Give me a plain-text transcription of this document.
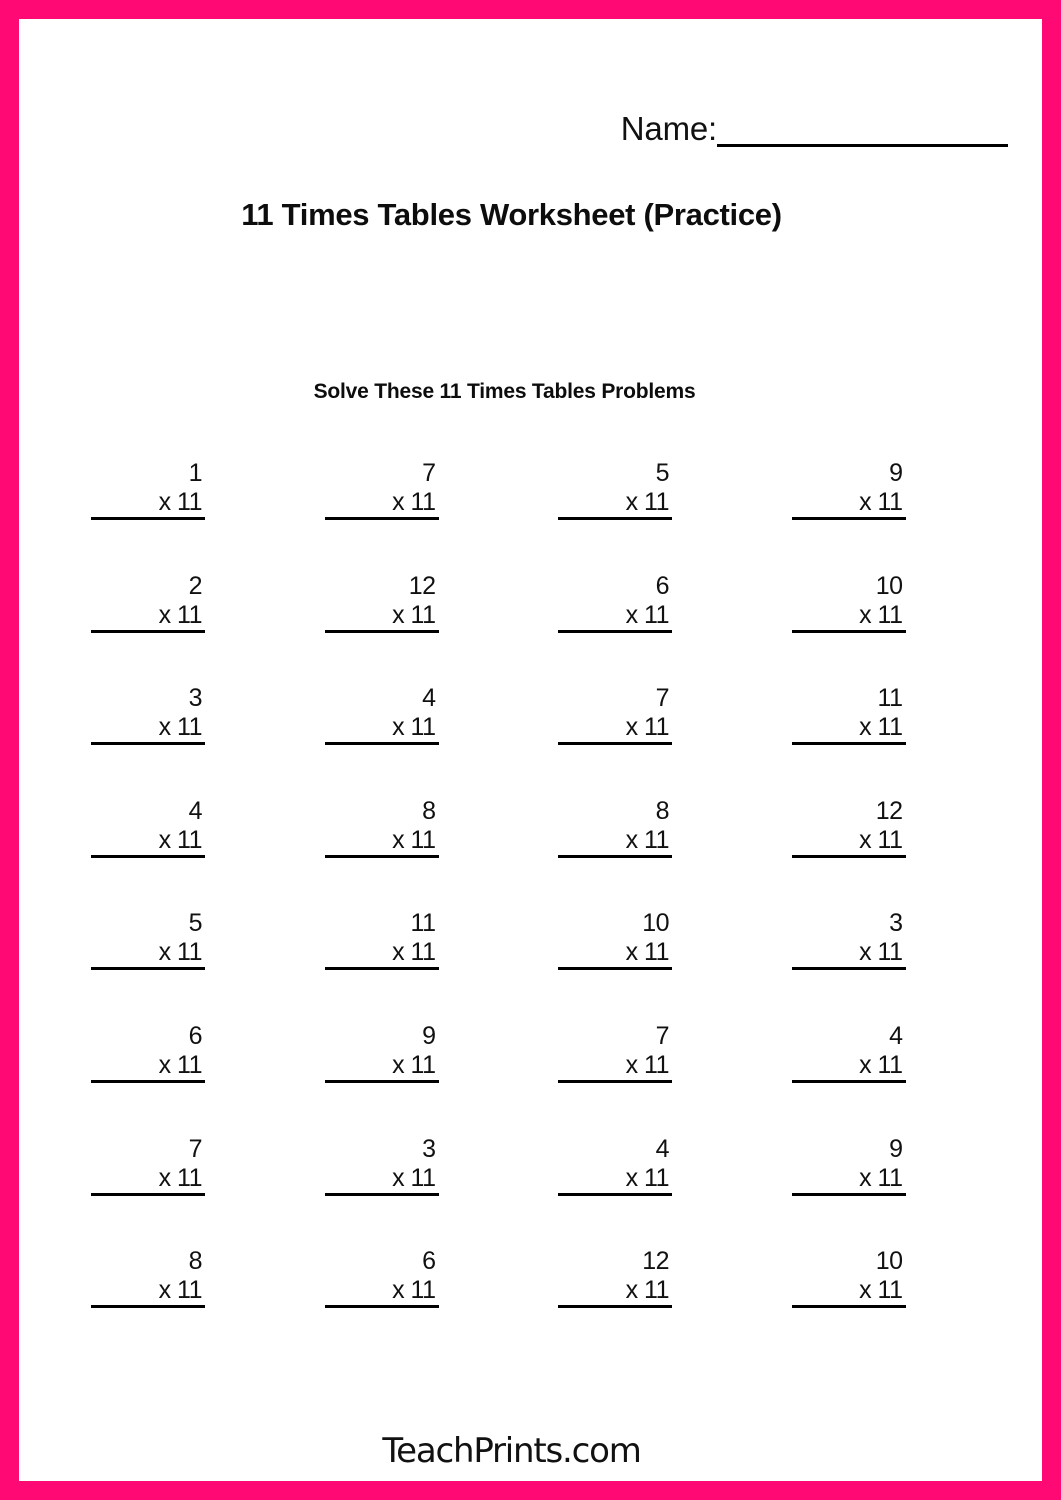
Name:
11 Times Tables Worksheet (Practice)
Solve These 11 Times Tables Problems
1
x 11
7
x 11
5
x 11
9
x 11
2
x 11
12
x 11
6
x 11
10
x 11
3
x 11
4
x 11
7
x 11
11
x 11
4
x 11
8
x 11
8
x 11
12
x 11
5
x 11
11
x 11
10
x 11
3
x 11
6
x 11
9
x 11
7
x 11
4
x 11
7
x 11
3
x 11
4
x 11
9
x 11
8
x 11
6
x 11
12
x 11
10
x 11
TeachPrints.com
